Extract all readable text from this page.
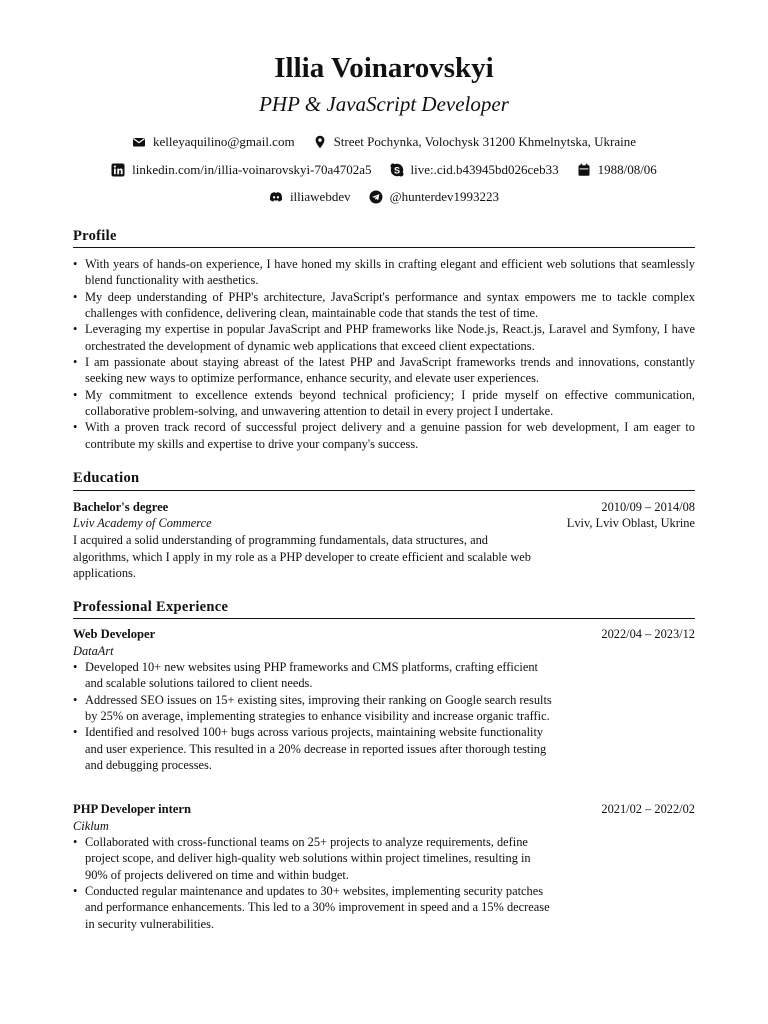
Illia Voinarovskyi
PHP & JavaScript Developer
kelleyaquilino@gmail.com	Street Pochynka, Volochysk 31200 Khmelnytska, Ukraine
linkedin.com/in/illia-voinarovskyi-70a4702a5 S live:.cid.b43945bd026ceb33	1988/08/06
illiawebdev	@hunterdev1993223
Profile
• With years of hands-on experience, I have honed my skills in crafting elegant and efficient web solutions that seamlessly blend functionality with aesthetics.
• My deep understanding of PHP's architecture, JavaScript's performance and syntax empowers me to tackle complex challenges with confidence, delivering clean, maintainable code that stands the test of time.
• Leveraging my expertise in popular JavaScript and PHP frameworks like Node.js, React.js, Laravel and Symfony, I have orchestrated the development of dynamic web applications that exceed client expectations.
• I am passionate about staying abreast of the latest PHP and JavaScript frameworks trends and innovations, constantly seeking new ways to optimize performance, enhance security, and elevate user experiences.
• My commitment to excellence extends beyond technical proficiency; I pride myself on effective communication, collaborative problem-solving, and unwavering attention to detail in every project I undertake.
• With a proven track record of successful project delivery and a genuine passion for web development, I am eager to contribute my skills and expertise to drive your company's success.
Education
Bachelor's degree	2010/09 – 2014/08
Lviv Academy of Commerce	Lviv, Lviv Oblast, Ukrine

I acquired a solid understanding of programming fundamentals, data structures, and algorithms, which I apply in my role as a PHP developer to create efficient and scalable web applications.

Professional Experience
Web Developer	2022/04 – 2023/12
DataArt
• Developed 10+ new websites using PHP frameworks and CMS platforms, crafting efficient and scalable solutions tailored to client needs.
• Addressed SEO issues on 15+ existing sites, improving their ranking on Google search results by 25% on average, implementing strategies to enhance visibility and increase organic traffic.
• Identified and resolved 100+ bugs across various projects, maintaining website functionality and user experience. This resulted in a 20% decrease in reported issues after thorough testing and debugging processes.
PHP Developer intern	2021/02 – 2022/02
Ciklum
• Collaborated with cross-functional teams on 25+ projects to analyze requirements, define project scope, and deliver high-quality web solutions within project timelines, resulting in 90% of projects delivered on time and within budget.
• Conducted regular maintenance and updates to 30+ websites, implementing security patches and performance enhancements. This led to a 30% improvement in speed and a 15% decrease in security vulnerabilities.
